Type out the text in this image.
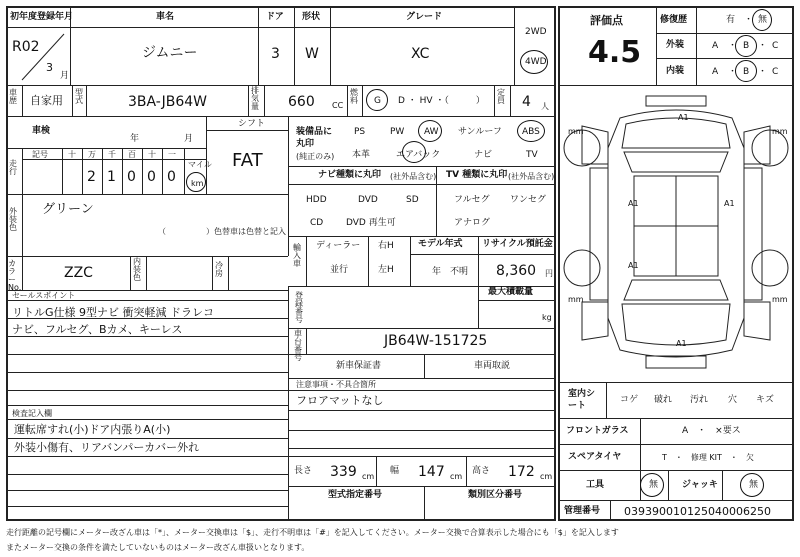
初年度登録年月	車名	ドア 形状	グレード
R02
3
月
ジムニー	3 W	XC
2WD
4WD
評価点
4.5
修復歴	有 ・ 無
外装	A ・ B ・ C
内装	A ・ B ・ C
車歴 自家用
型式	3BA-JB64W
排気量 660 CC
燃料 G D ・ HV ・（　　　）
定員 4 人
車検
年	月
走行
記号	十 万 千 百 十 一
2 1 0 0 0
マイル
km
シフト
FAT
外装色
グリーン
（　　　　　）色替車は色替と記入
カラーNo.
ZZC
内装色
冷房
装備品に丸印
(純正のみ)
PS	PW AW サンルーフ ABS
本革	エアバック	ナビ	TV
ナビ種類に丸印 (社外品含む)
HDD	DVD	SD
CD	DVD 再生可
TV 種類に丸印 (社外品含む)
フルセグ ワンセグ
アナログ
輸入車
ディーラー
並行
右H
左H
モデル年式
年　不明
リサイクル預託金
8,360 円
最大積載量
kg
登録番号
セールスポイント
リトルG仕様 9型ナビ 衝突軽減 ドラレコ
ナビ、フルセグ、Bカメ、キーレス	車台番号
JB64W-151725
新車保証書	車両取説
注意事項・不具合箇所
フロアマットなし
検査記入欄
運転席すれ(小)ドア内張りA(小)
外装小傷有、リアバンパーカバー外れ
長さ 339 cm
幅 147 cm
高さ 172 cm
型式指定番号	類別区分番号
A1
A1	A1
A1
A1
mm	mm
mm	mm
室内シート
コゲ 破れ 汚れ 穴 キズ
フロントガラス	A　・　×要ス
スペアタイヤ	T　・　修理 KIT　・　欠
工具	無	ジャッキ	無
管理番号 039390010125040006250
走行距離の記号欄にメーター改ざん車は「*」、メーター交換車は「$」、走行不明車は「#」を記入してください。メーター交換で合算表示した場合にも「$」を記入します
またメーター交換の条件を満たしていないものはメーター改ざん車扱いとなります。
